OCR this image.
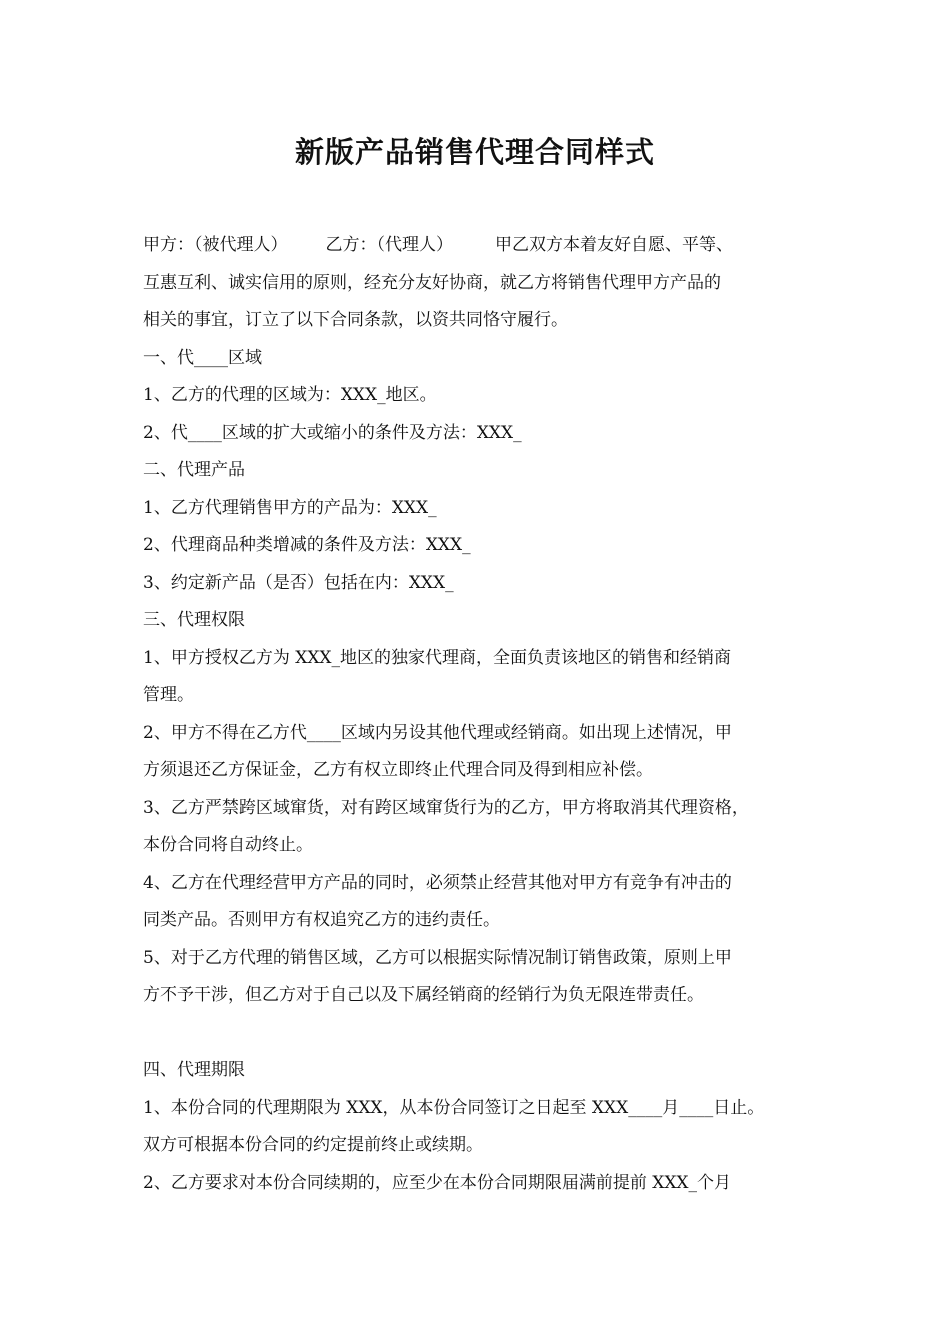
新版产品销售代理合同样式
甲方：（被代理人） 乙方：（代理人） 甲乙双方本着友好自愿、平等、
互惠互利、诚实信用的原则，经充分友好协商，就乙方将销售代理甲方产品的
相关的事宜，订立了以下合同条款，以资共同恪守履行。
一、代____区域
1、乙方的代理的区域为：XXX_地区。
2、代____区域的扩大或缩小的条件及方法：XXX_
二、代理产品
1、乙方代理销售甲方的产品为：XXX_
2、代理商品种类增减的条件及方法：XXX_
3、约定新产品（是否）包括在内：XXX_
三、代理权限
1、甲方授权乙方为 XXX_地区的独家代理商，全面负责该地区的销售和经销商
管理。
2、甲方不得在乙方代____区域内另设其他代理或经销商。如出现上述情况，甲
方须退还乙方保证金，乙方有权立即终止代理合同及得到相应补偿。
3、乙方严禁跨区域窜货，对有跨区域窜货行为的乙方，甲方将取消其代理资格，
本份合同将自动终止。
4、乙方在代理经营甲方产品的同时，必须禁止经营其他对甲方有竞争有冲击的
同类产品。否则甲方有权追究乙方的违约责任。
5、对于乙方代理的销售区域，乙方可以根据实际情况制订销售政策，原则上甲
方不予干涉，但乙方对于自己以及下属经销商的经销行为负无限连带责任。
四、代理期限
1、本份合同的代理期限为 XXX，从本份合同签订之日起至 XXX____月____日止。
双方可根据本份合同的约定提前终止或续期。
2、乙方要求对本份合同续期的，应至少在本份合同期限届满前提前 XXX_个月
